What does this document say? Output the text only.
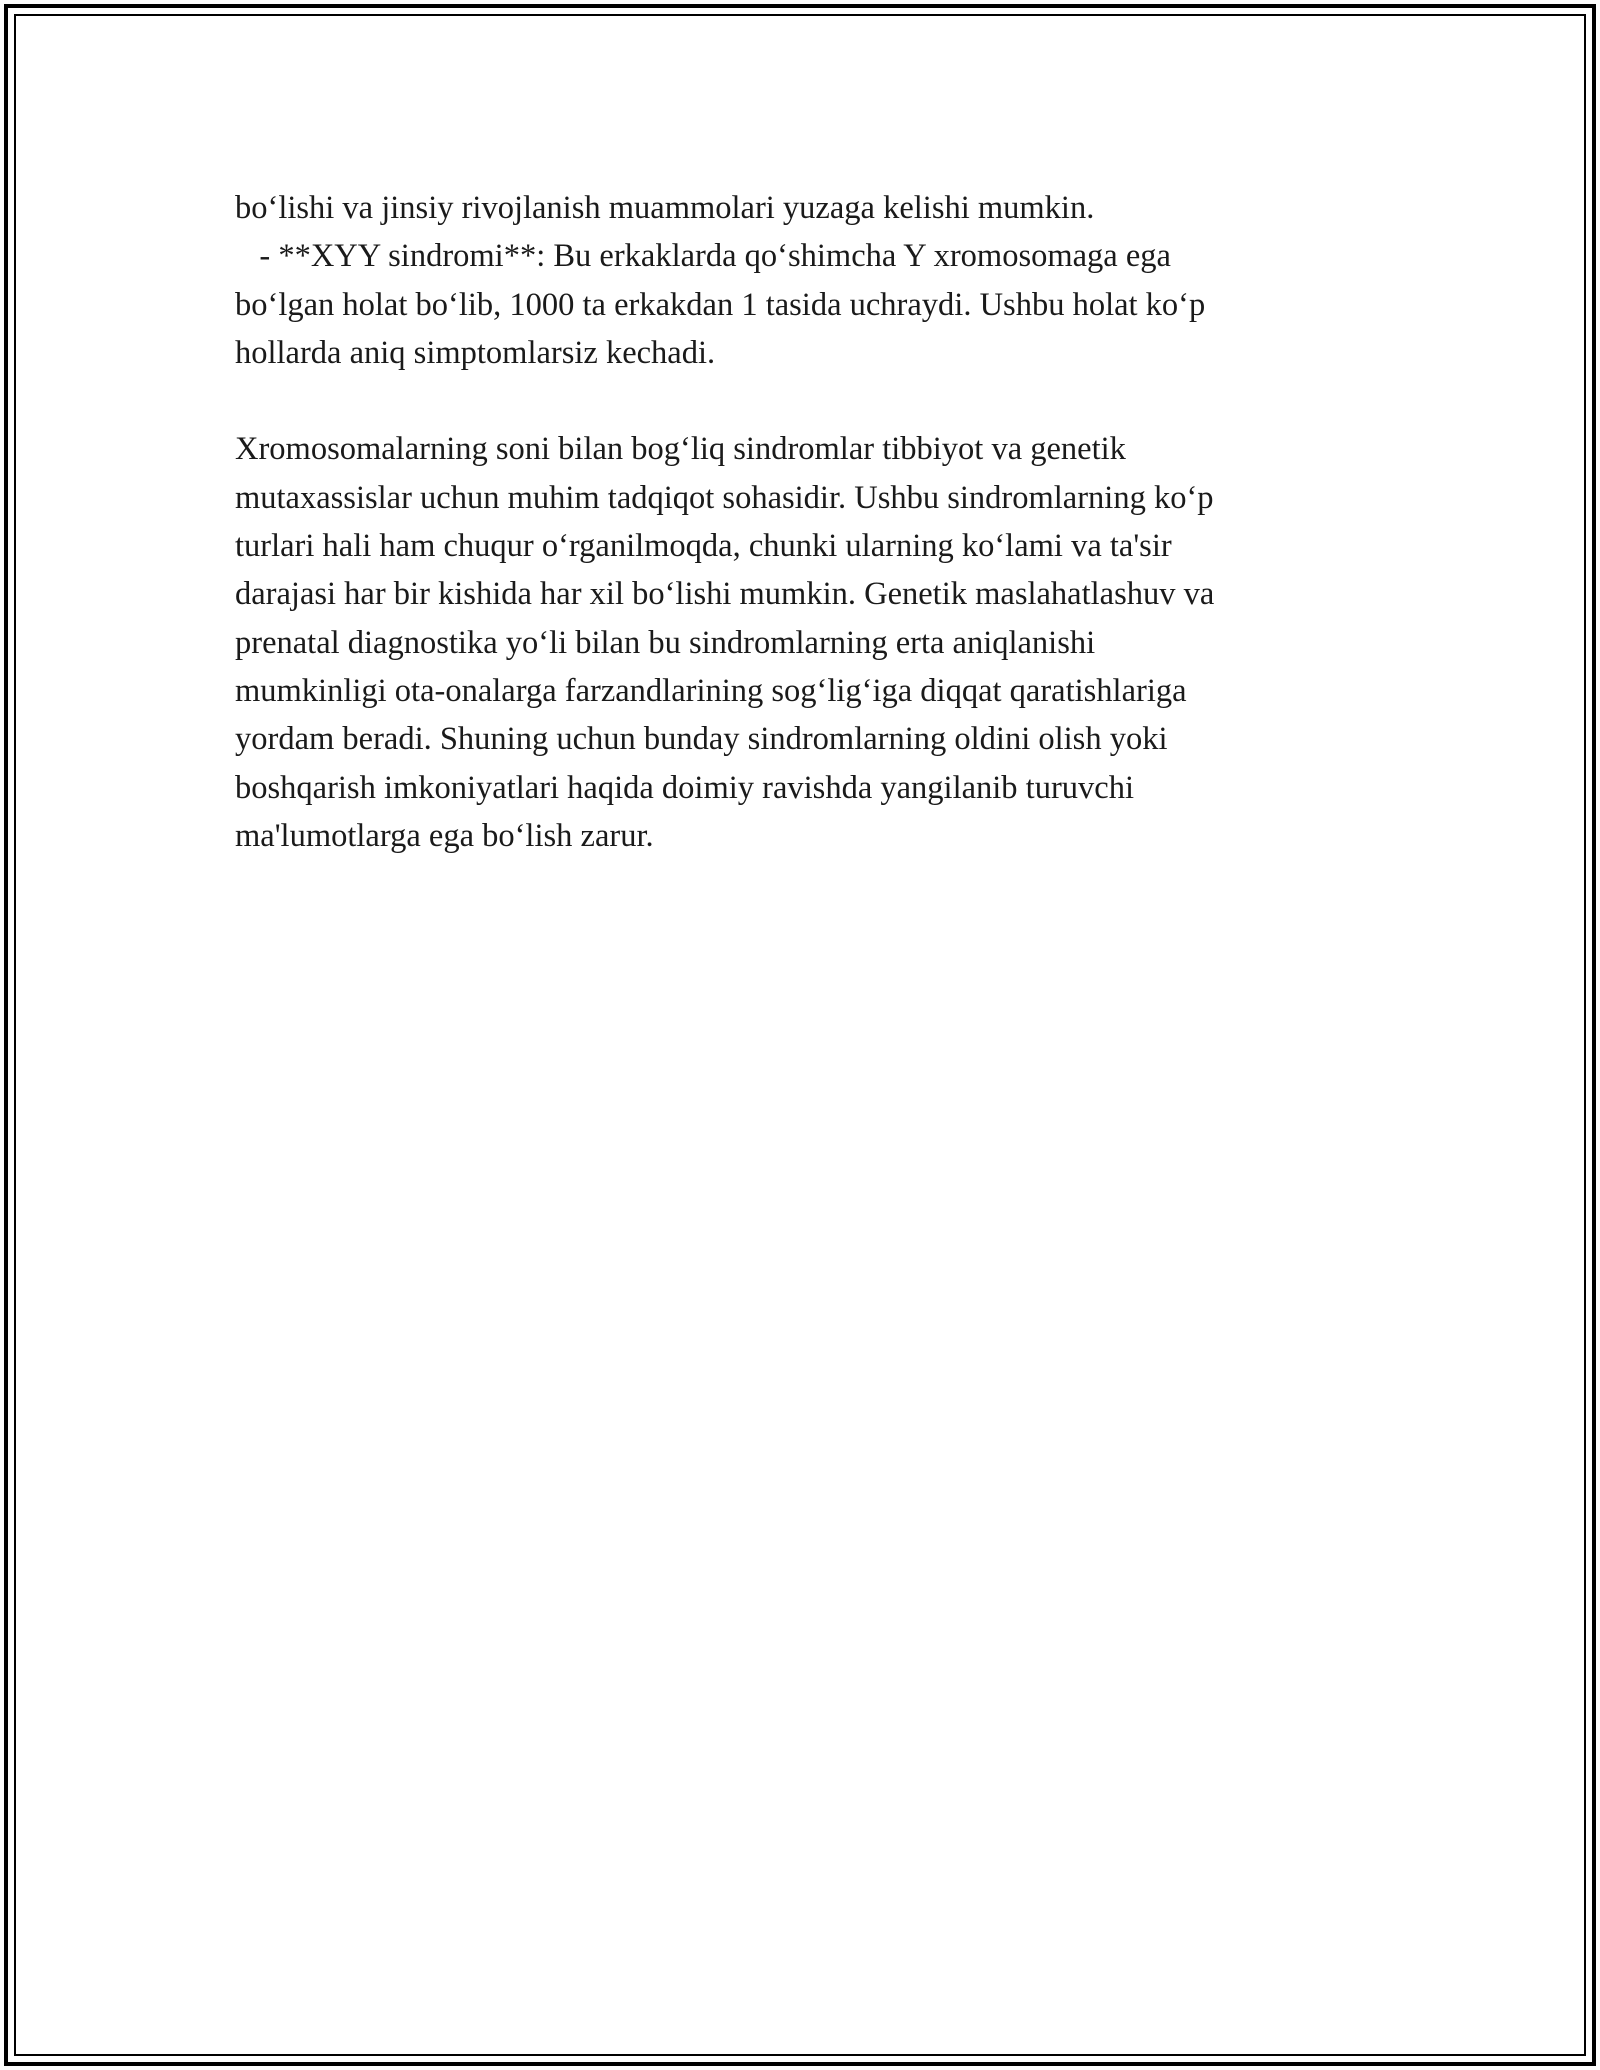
bo‘lishi va jinsiy rivojlanish muammolari yuzaga kelishi mumkin.
- **XYY sindromi**: Bu erkaklarda qo‘shimcha Y xromosomaga ega
bo‘lgan holat bo‘lib, 1000 ta erkakdan 1 tasida uchraydi. Ushbu holat ko‘p
hollarda aniq simptomlarsiz kechadi.

Xromosomalarning soni bilan bog‘liq sindromlar tibbiyot va genetik
mutaxassislar uchun muhim tadqiqot sohasidir. Ushbu sindromlarning ko‘p
turlari hali ham chuqur o‘rganilmoqda, chunki ularning ko‘lami va ta'sir
darajasi har bir kishida har xil bo‘lishi mumkin. Genetik maslahatlashuv va
prenatal diagnostika yo‘li bilan bu sindromlarning erta aniqlanishi
mumkinligi ota-onalarga farzandlarining sog‘lig‘iga diqqat qaratishlariga
yordam beradi. Shuning uchun bunday sindromlarning oldini olish yoki
boshqarish imkoniyatlari haqida doimiy ravishda yangilanib turuvchi
ma'lumotlarga ega bo‘lish zarur.
